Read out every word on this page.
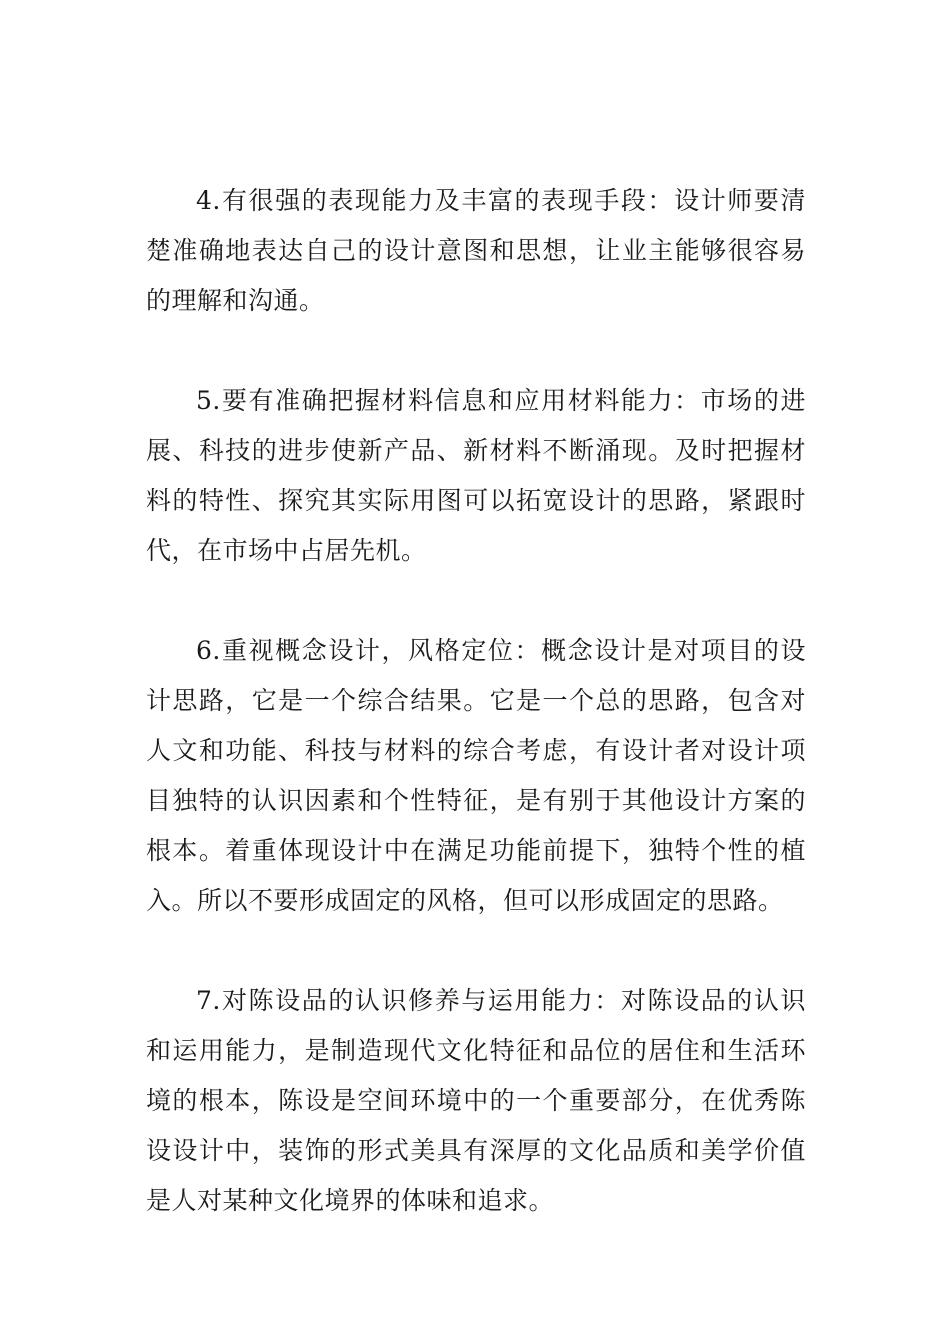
4.有很强的表现能力及丰富的表现手段：设计师要清楚准确地表达自己的设计意图和思想，让业主能够很容易的理解和沟通。

5.要有准确把握材料信息和应用材料能力：市场的进展、科技的进步使新产品、新材料不断涌现。及时把握材料的特性、探究其实际用图可以拓宽设计的思路，紧跟时代，在市场中占居先机。

6.重视概念设计，风格定位：概念设计是对项目的设计思路，它是一个综合结果。它是一个总的思路，包含对人文和功能、科技与材料的综合考虑，有设计者对设计项目独特的认识因素和个性特征，是有别于其他设计方案的根本。着重体现设计中在满足功能前提下，独特个性的植入。所以不要形成固定的风格，但可以形成固定的思路。

7.对陈设品的认识修养与运用能力：对陈设品的认识和运用能力，是制造现代文化特征和品位的居住和生活环境的根本，陈设是空间环境中的一个重要部分，在优秀陈设设计中，装饰的形式美具有深厚的文化品质和美学价值是人对某种文化境界的体味和追求。
